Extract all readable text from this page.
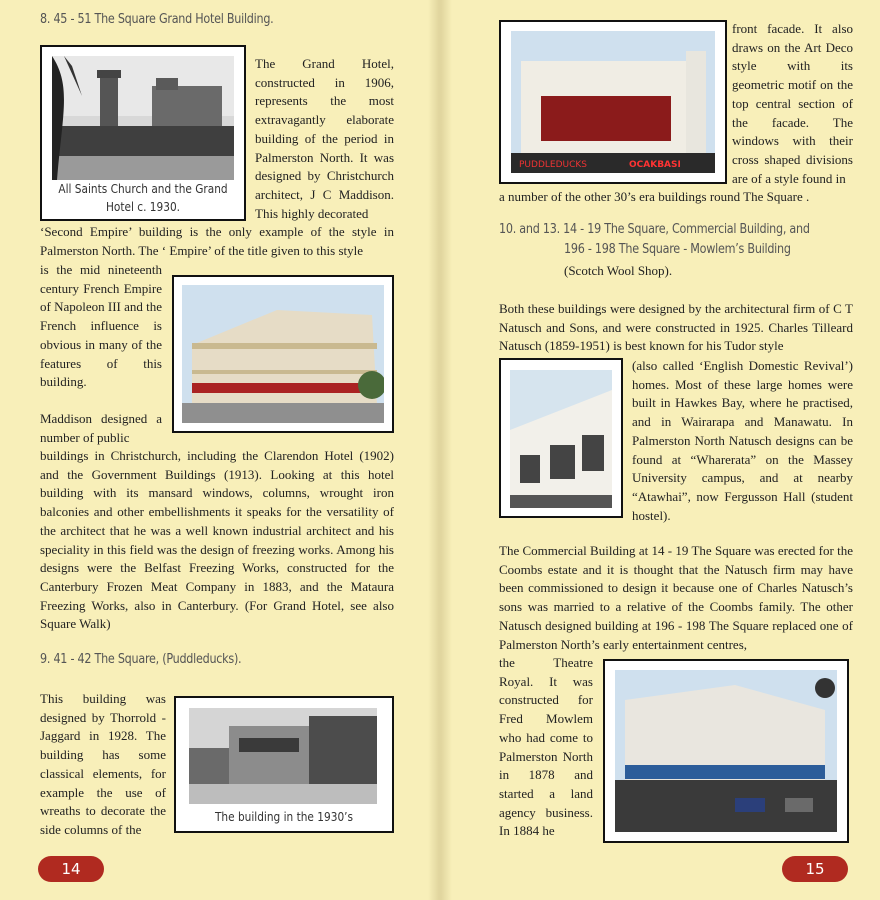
8. 45 - 51 The Square Grand Hotel Building.
All Saints Church and the Grand Hotel c. 1930.

The Grand Hotel, constructed in 1906, represents the most extravagantly elaborate building of the period in Palmerston North. It was designed by Christchurch architect, J C Maddison. This highly decorated

‘Second Empire’ building is the only example of the style in Palmerston North. The ‘ Empire’ of the title given to this style

is the mid nineteenth century French Empire of Napoleon III and the French influence is obvious in many of the features of this building.

Maddison designed a number of public

buildings in Christchurch, including the Clarendon Hotel (1902) and the Government Buildings (1913). Looking at this hotel building with its mansard windows, columns, wrought iron balconies and other embellishments it speaks for the versatility of the architect that he was a well known industrial architect and his speciality in this field was the design of freezing works. Among his designs were the Belfast Freezing Works, constructed for the Canterbury Frozen Meat Company in 1883, and the Mataura Freezing Works, also in Canterbury. (For Grand Hotel, see also Square Walk)

9. 41 - 42 The Square, (Puddleducks).

This building was designed by Thorrold - Jaggard in 1928. The building has some classical elements, for example the use of wreaths to decorate the side columns of the

The building in the 1930’s
14
PUDDLEDUCKS	OCAKBASI

front facade. It also draws on the Art Deco style with its geometric motif on the top central section of the facade. The windows with their cross shaped divisions are of a style found in

a number of the other 30’s era buildings round The Square .

10. and 13. 14 - 19 The Square, Commercial Building, and
196 - 198 The Square - Mowlem’s Building
(Scotch Wool Shop).

Both these buildings were designed by the architectural firm of C T Natusch and Sons, and were constructed in 1925. Charles Tilleard Natusch (1859-1951) is best known for his Tudor style

(also called ‘English Domestic Revival’) homes. Most of these large homes were built in Hawkes Bay, where he practised, and in Wairarapa and Manawatu. In Palmerston North Natusch designs can be found at “Wharerata” on the Massey University campus, and at nearby “Atawhai”, now Fergusson Hall (student hostel).

The Commercial Building at 14 - 19 The Square was erected for the Coombs estate and it is thought that the Natusch firm may have been commissioned to design it because one of Charles Natusch’s sons was married to a relative of the Coombs family. The other Natusch designed building at 196 - 198 The Square replaced one of Palmerston North’s early entertainment centres,

the Theatre Royal. It was constructed for Fred Mowlem who had come to Palmerston North in 1878 and started a land agency business. In 1884 he

15
